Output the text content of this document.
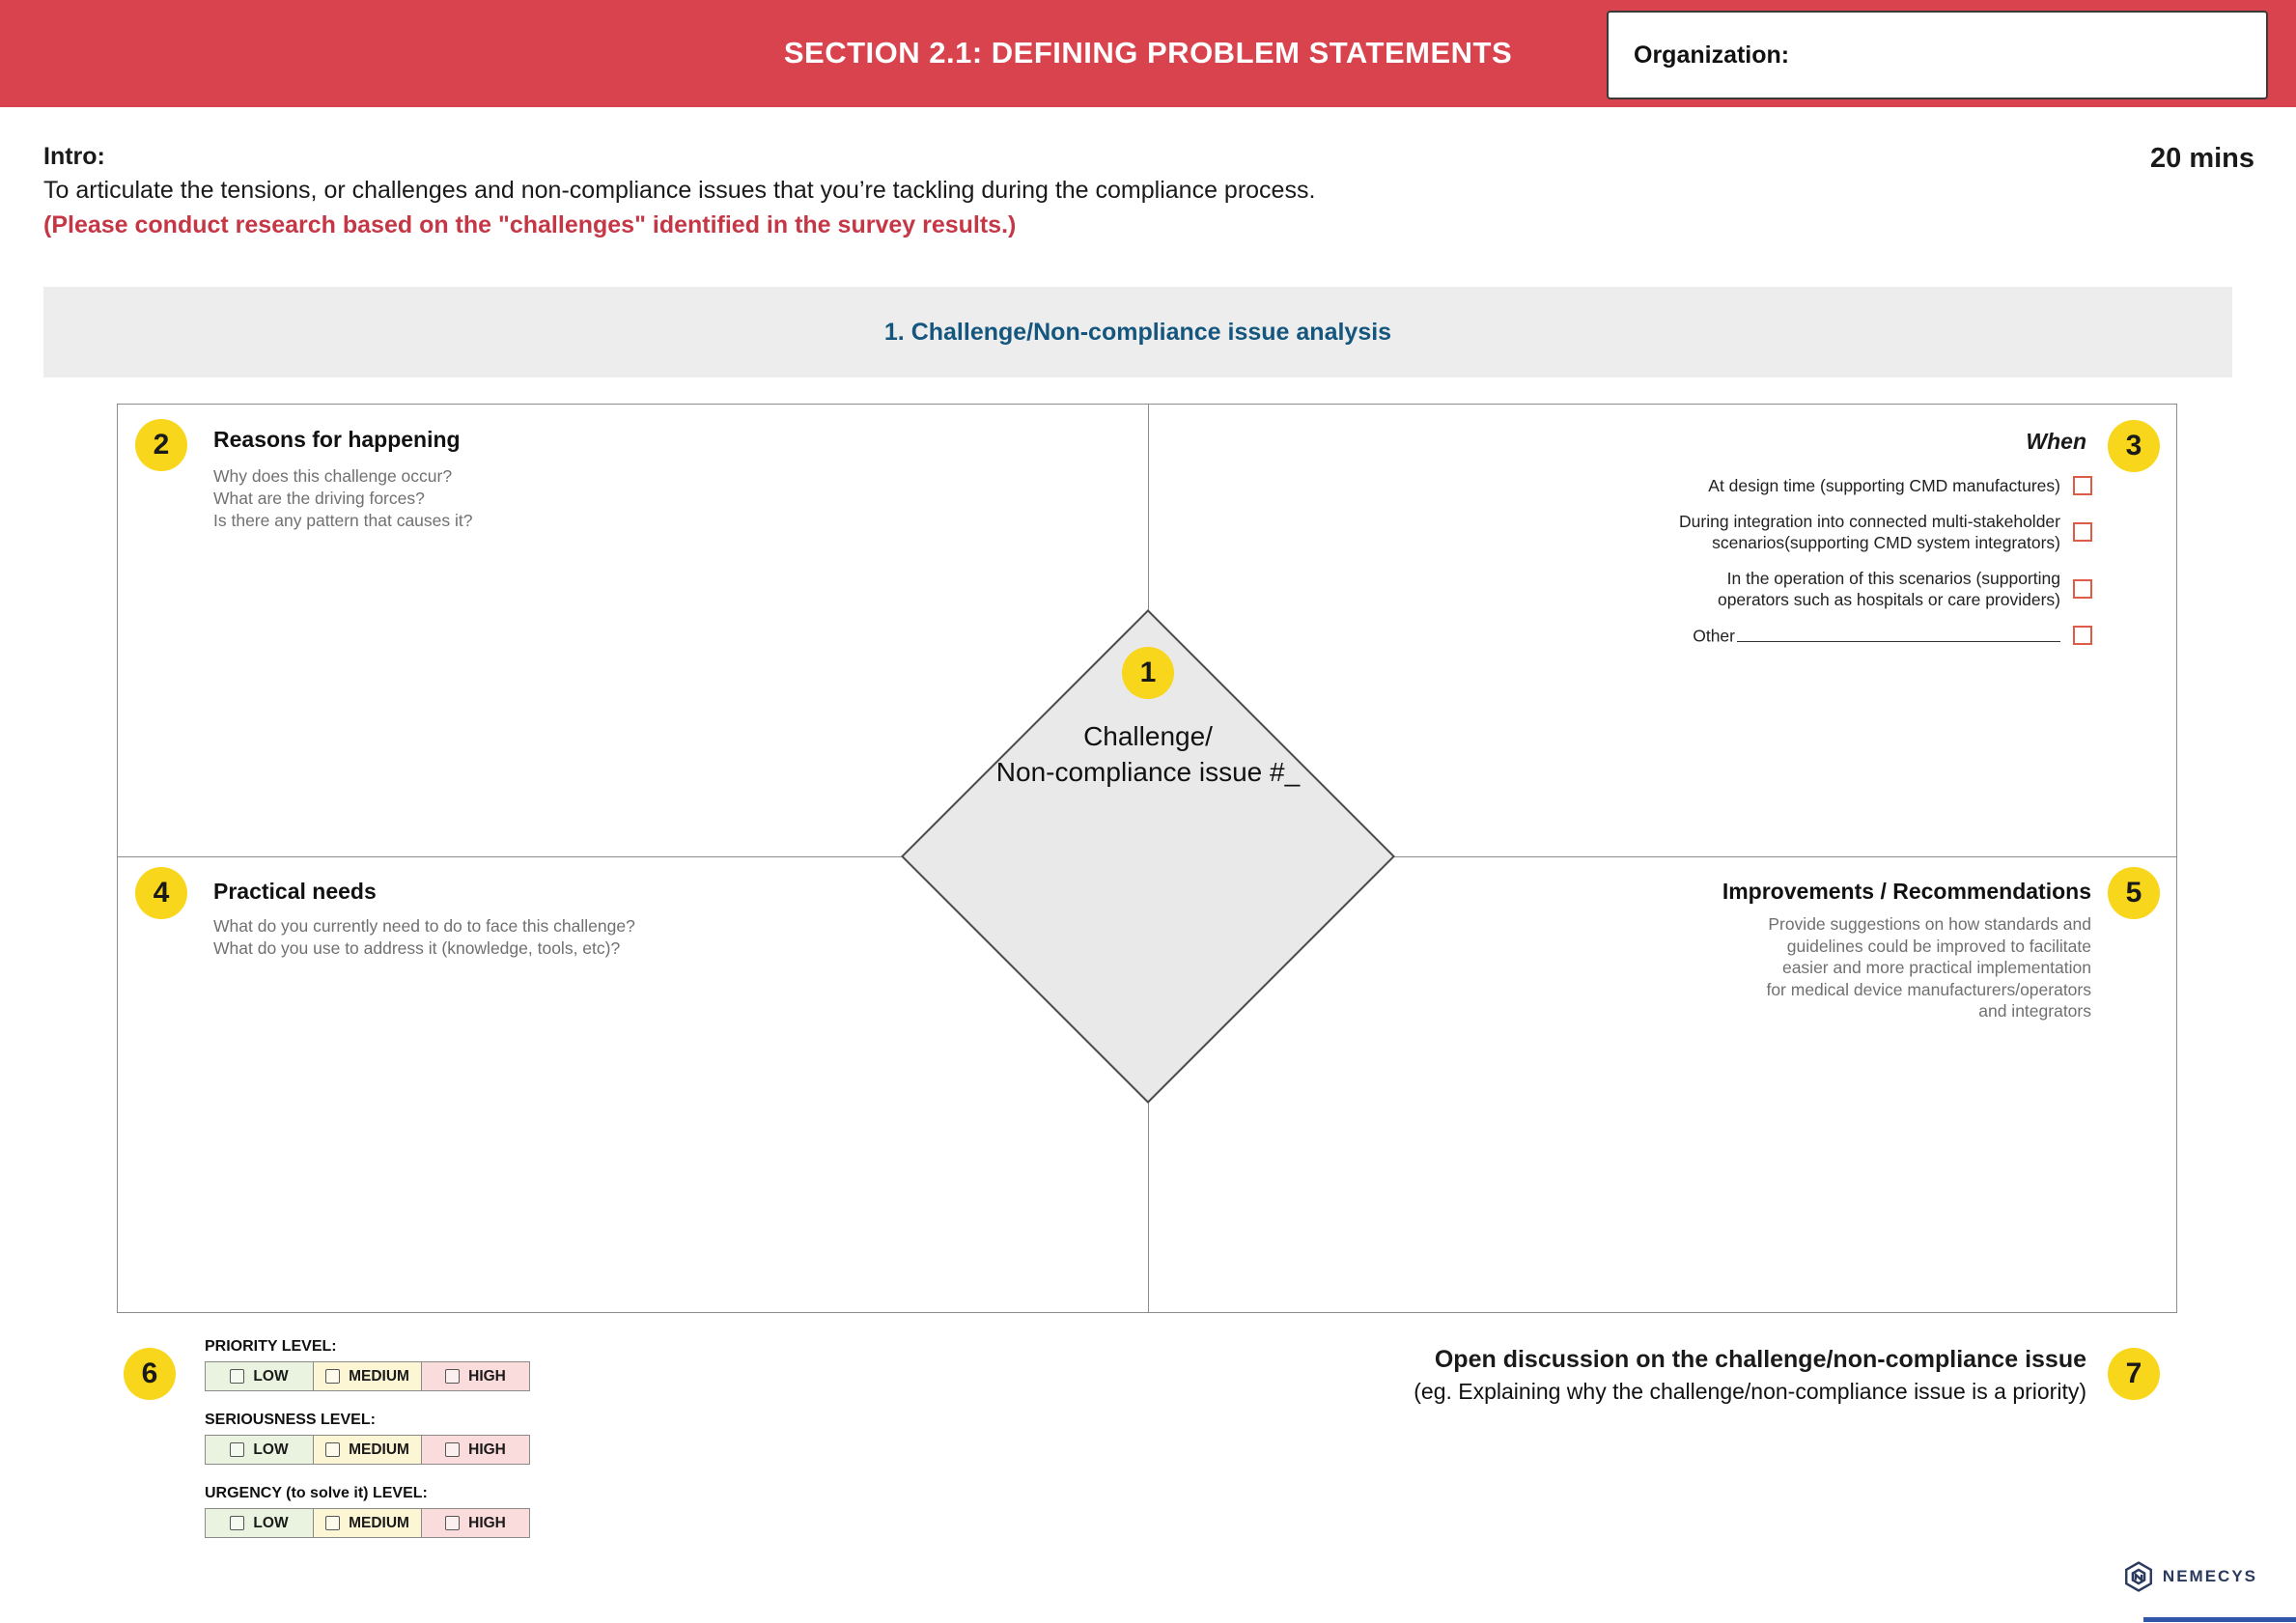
SECTION 2.1: DEFINING PROBLEM STATEMENTS	Organization:
Intro:
To articulate the tensions, or challenges and non-compliance issues that you’re tackling during the compliance process.
(Please conduct research based on the "challenges" identified in the survey results.)
20 mins
1. Challenge/Non-compliance issue analysis
Challenge/
Non-compliance issue #_
1
2	3
4	5
6	7
Reasons for happening
Why does this challenge occur?
What are the driving forces?
Is there any pattern that causes it?
When
At design time (supporting CMD manufactures)
During integration into connected multi-stakeholder scenarios(supporting CMD system integrators)
In the operation of this scenarios (supporting operators such as hospitals or care providers)
Other
Practical needs
What do you currently need to do to face this challenge?
What do you use to address it (knowledge, tools, etc)?
Improvements / Recommendations
Provide suggestions on how standards and guidelines could be improved to facilitate easier and more practical implementation for medical device manufacturers/operators and integrators
PRIORITY LEVEL:
LOW	MEDIUM	HIGH
SERIOUSNESS LEVEL:
LOW	MEDIUM	HIGH
URGENCY (to solve it) LEVEL:
LOW	MEDIUM	HIGH
Open discussion on the challenge/non-compliance issue
(eg. Explaining why the challenge/non-compliance issue is a priority)
NEMECYS
